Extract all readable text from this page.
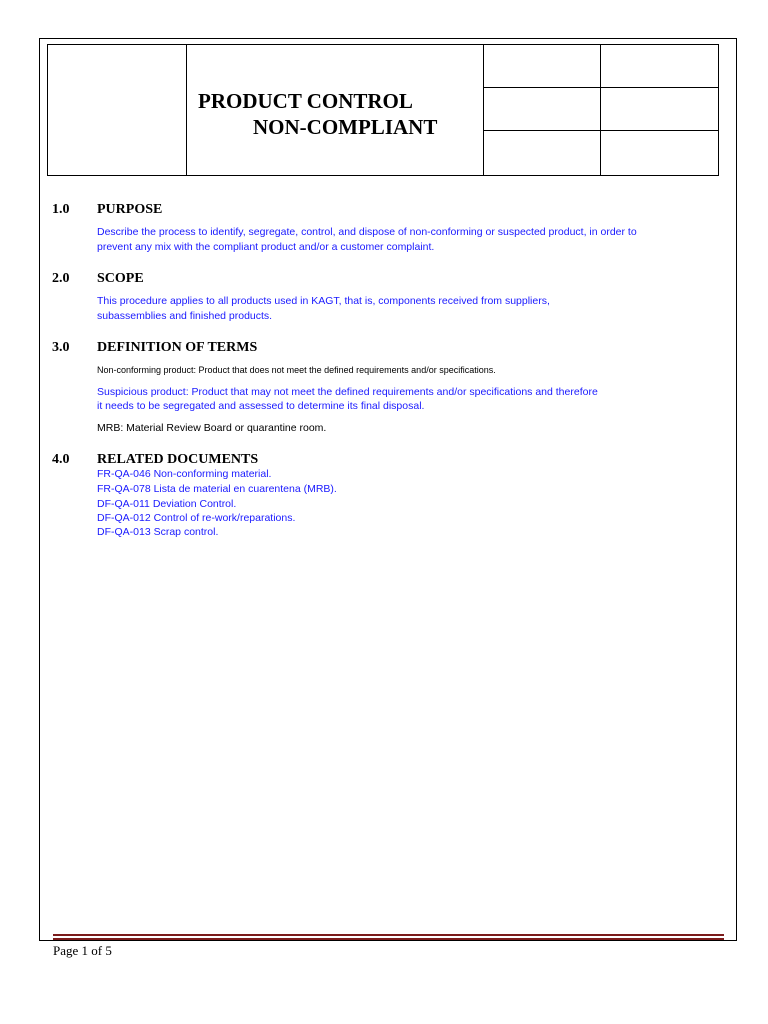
	PRODUCT CONTROL
NON-COMPLIANT		

1.0 PURPOSE
Describe the process to identify, segregate, control, and dispose of non-conforming or suspected product, in order to
prevent any mix with the compliant product and/or a customer complaint.
2.0 SCOPE
This procedure applies to all products used in KAGT, that is, components received from suppliers,
subassemblies and finished products.
3.0 DEFINITION OF TERMS
Non-conforming product: Product that does not meet the defined requirements and/or specifications.
Suspicious product: Product that may not meet the defined requirements and/or specifications and therefore
it needs to be segregated and assessed to determine its final disposal.
MRB: Material Review Board or quarantine room.
4.0 RELATED DOCUMENTS
FR-QA-046 Non-conforming material.
FR-QA-078 Lista de material en cuarentena (MRB).
DF-QA-011 Deviation Control.
DF-QA-012 Control of re-work/reparations.
DF-QA-013 Scrap control.
Page 1 of 5
